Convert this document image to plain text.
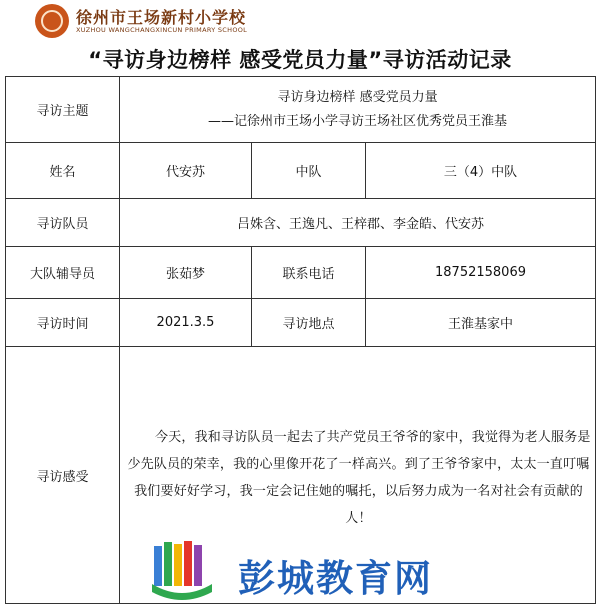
徐州市王场新村小学校
XUZHOU WANGCHANGXINCUN PRIMARY SCHOOL
“寻访身边榜样 感受党员力量”寻访活动记录
寻访主题	寻访身边榜样 感受党员力量
——记徐州市王场小学寻访王场社区优秀党员王淮基		

姓名	代安苏	中队	三（4）中队
寻访队员	吕姝含、王逸凡、王梓郡、李金皓、代安苏		
大队辅导员	张茹梦	联系电话	18752158069
寻访时间	2021.3.5	寻访地点	王淮基家中
寻访感受	今天，我和寻访队员一起去了共产党员王爷爷的家中，我觉得为老人服务是少先队员的荣幸，我的心里像开花了一样高兴。到了王爷爷家中，太太一直叮嘱我们要好好学习，我一定会记住她的嘱托，以后努力成为一名对社会有贡献的人！		
彭城教育网
